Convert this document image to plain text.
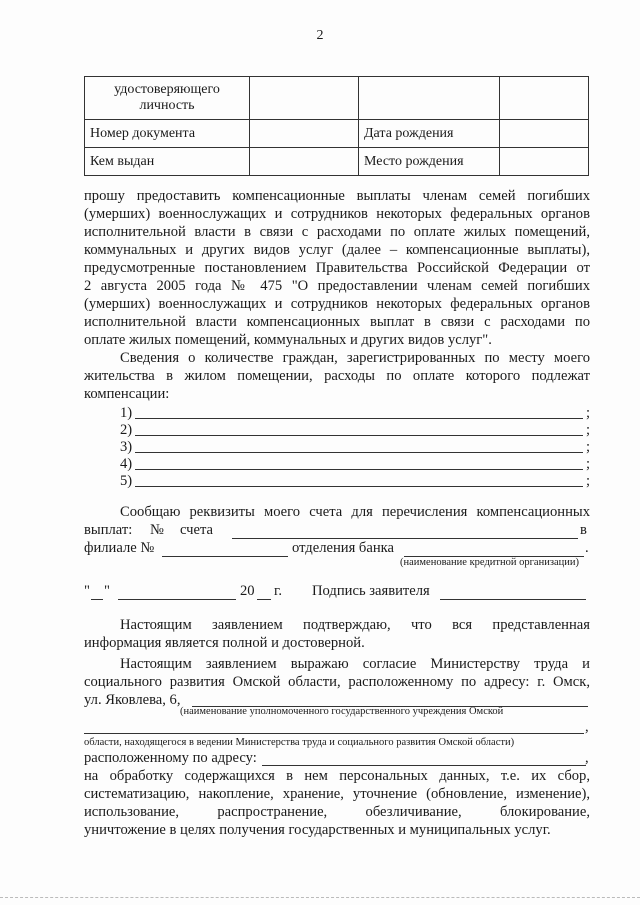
2
удостоверяющего личность			
Номер документа		Дата рождения	
Кем выдан		Место рождения	
прошу предоставить компенсационные выплаты членам семей погибших
(умерших) военнослужащих и сотрудников некоторых федеральных органов
исполнительной власти в связи с расходами по оплате жилых помещений,
коммунальных и других видов услуг (далее – компенсационные выплаты),
предусмотренные постановлением Правительства Российской Федерации от
2 августа 2005 года № 475 "О предоставлении членам семей погибших
(умерших) военнослужащих и сотрудников некоторых федеральных органов
исполнительной власти компенсационных выплат в связи с расходами по
оплате жилых помещений, коммунальных и других видов услуг".
Сведения о количестве граждан, зарегистрированных по месту моего
жительства в жилом помещении, расходы по оплате которого подлежат
компенсации:
1)	;
2)	;
3)	;
4)	;
5)	;
Сообщаю реквизиты моего счета для перечисления компенсационных
выплат: № счета	в
филиале №	отделения банка	.
(наименование кредитной организации)
" "	20 г. Подпись заявителя
Настоящим заявлением подтверждаю, что вся представленная
информация является полной и достоверной.
Настоящим заявлением выражаю согласие Министерству труда и
социального развития Омской области, расположенному по адресу: г. Омск,
ул. Яковлева, 6,
(наименование уполномоченного государственного учреждения Омской
,
области, находящегося в ведении Министерства труда и социального развития Омской области)
расположенному по адресу:	,
на обработку содержащихся в нем персональных данных, т.е. их сбор,
систематизацию, накопление, хранение, уточнение (обновление, изменение),
использование, распространение, обезличивание, блокирование,
уничтожение в целях получения государственных и муниципальных услуг.
